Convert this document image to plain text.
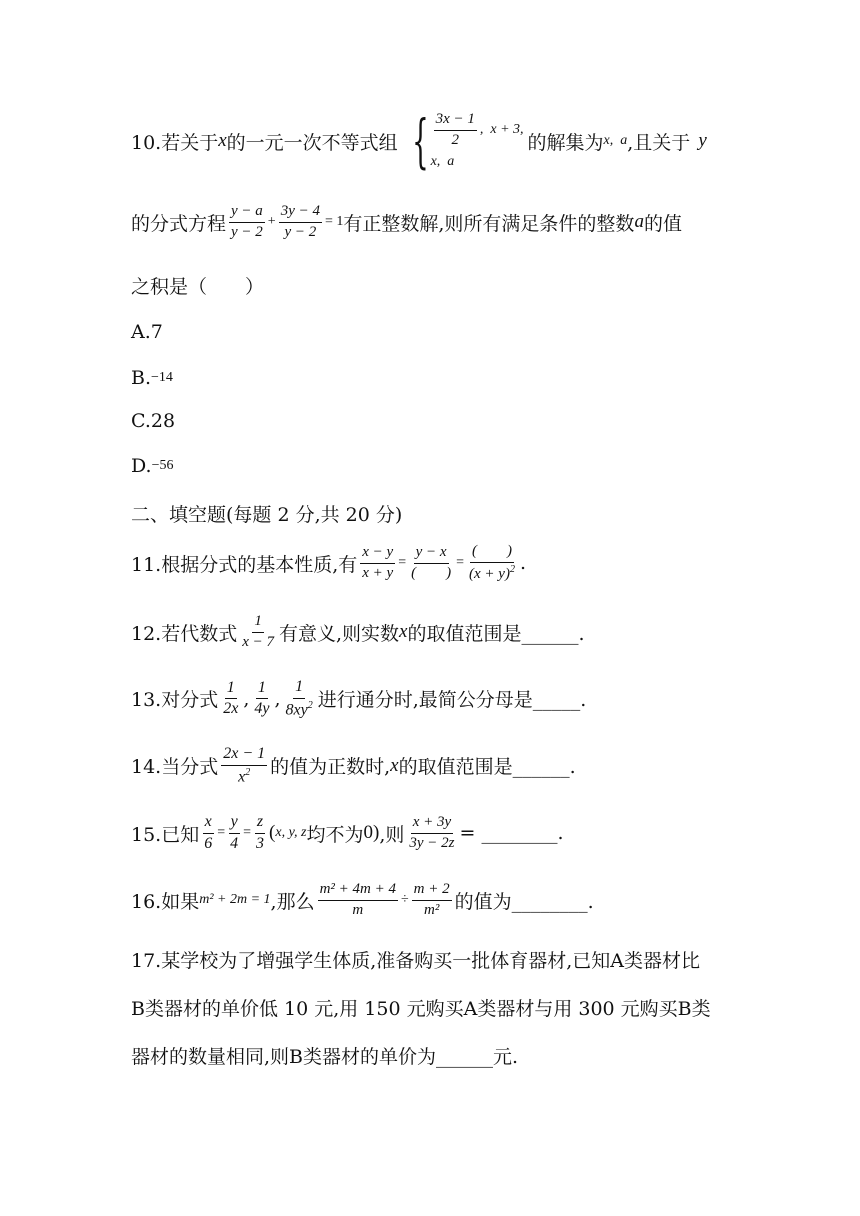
10.若关于 x 的一元一次不等式组 { $\frac{3x - 1}{2}$ ,  x + 3,
x,  a
的解集为 x,  a ,且关于 y
的分式方程 $\frac{y - a}{y - 2} + \frac{3y - 4}{y - 2} = 1$ 有正整数解,则所有满足条件的整数 a 的值
之积是（　　）
A.7
B. −14
C.28
D. −56
二、填空题(每题 2 分,共 20 分)
11.根据分式的基本性质,有 $\frac{x - y}{x + y} = \frac{y - x}{( )} = \frac{( )}{(x + y)^2}$ .
12.若代数式 $\frac{1}{x - 7}$ 有意义,则实数 x 的取值范围是______.
13.对分式 $\frac{1}{2x}$ , $\frac{1}{4y}$ , $\frac{1}{8xy^2}$ 进行通分时,最简公分母是_____.
14.当分式 $\frac{2x - 1}{x^2}$ 的值为正数时, x 的取值范围是______.
15.已知 $\frac{x}{6} = \frac{y}{4} = \frac{z}{3}$ ( x, y, z 均不为 0 ) ,则 $\frac{x + 3y}{3y - 2z}$ = ________.
16.如果 m² + 2m = 1 ,那么 $\frac{\text{m² + 4m + 4}}{m} \div \frac{m + 2}{\text{m²}}$ 的值为________.
17.某学校为了增强学生体质,准备购买一批体育器材,已知A类器材比
B类器材的单价低 10 元,用 150 元购买A类器材与用 300 元购买B类
器材的数量相同,则B类器材的单价为______元.
